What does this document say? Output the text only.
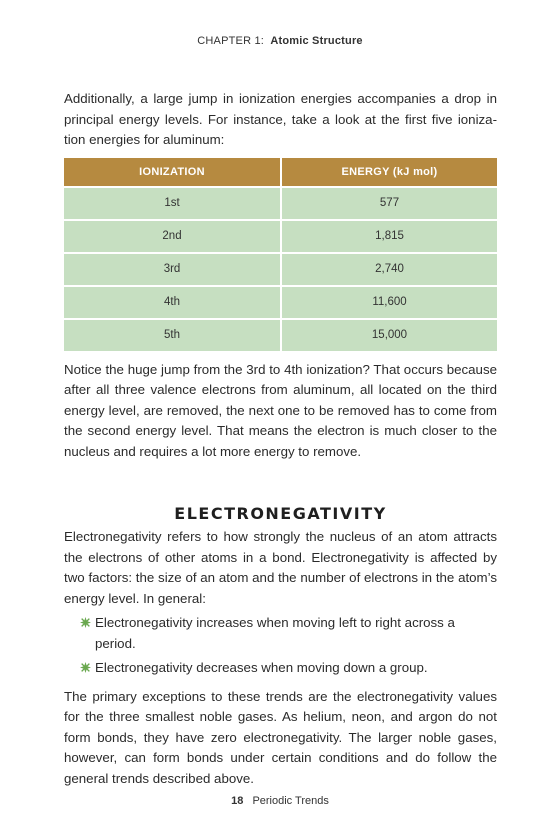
CHAPTER 1: Atomic Structure

Additionally, a large jump in ionization energies accompanies a drop in principal energy levels. For instance, take a look at the first five ioniza-tion energies for aluminum:

IONIZATION	ENERGY (kJ mol)
1st	577
2nd	1,815
3rd	2,740
4th	11,600
5th	15,000

Notice the huge jump from the 3rd to 4th ionization? That occurs because after all three valence electrons from aluminum, all located on the third energy level, are removed, the next one to be removed has to come from the second energy level. That means the electron is much closer to the nucleus and requires a lot more energy to remove.

ELECTRONEGATIVITY

Electronegativity refers to how strongly the nucleus of an atom attracts the electrons of other atoms in a bond. Electronegativity is affected by two factors: the size of an atom and the number of electrons in the atom’s energy level. In general:

Electronegativity increases when moving left to right across a period.
Electronegativity decreases when moving down a group.

The primary exceptions to these trends are the electronegativity values for the three smallest noble gases. As helium, neon, and argon do not form bonds, they have zero electronegativity. The larger noble gases, however, can form bonds under certain conditions and do follow the general trends described above.

18 Periodic Trends
